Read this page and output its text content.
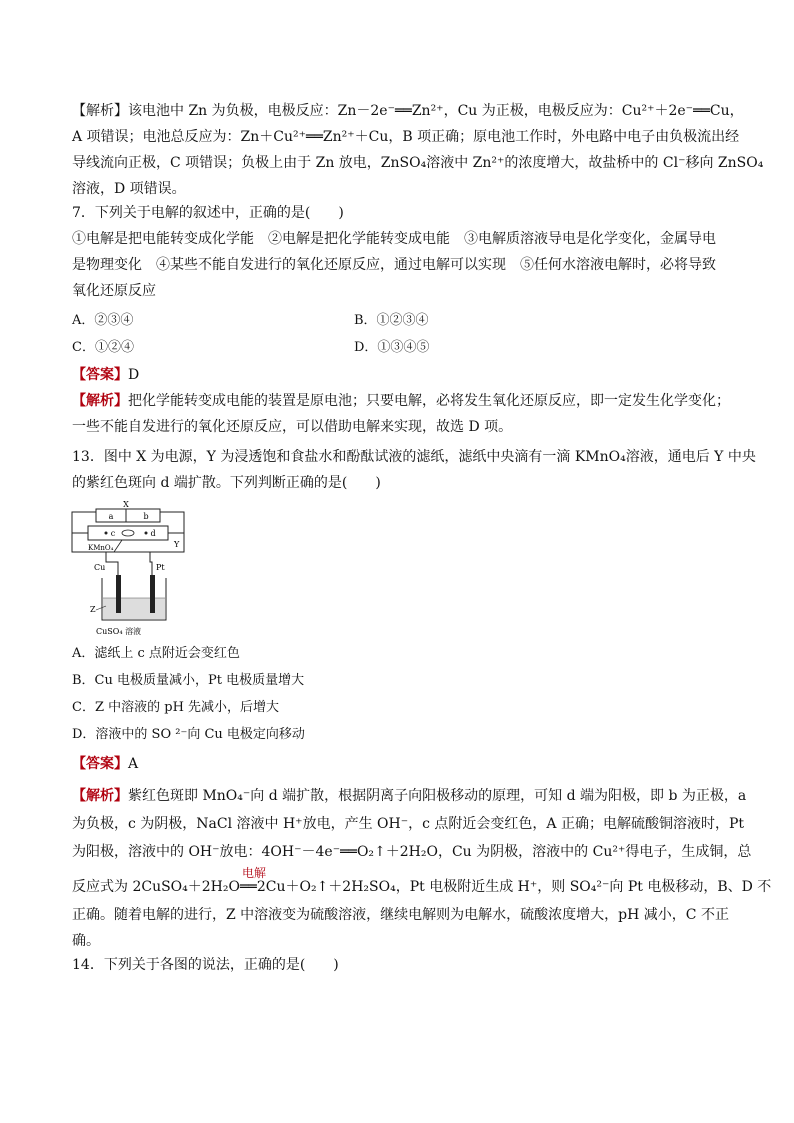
【解析】该电池中 Zn 为负极，电极反应：Zn－2e⁻══Zn²⁺，Cu 为正极，电极反应为：Cu²⁺＋2e⁻══Cu，
A 项错误；电池总反应为：Zn＋Cu²⁺══Zn²⁺＋Cu，B 项正确；原电池工作时，外电路中电子由负极流出经
导线流向正极，C 项错误；负极上由于 Zn 放电，ZnSO₄溶液中 Zn²⁺的浓度增大，故盐桥中的 Cl⁻移向 ZnSO₄
溶液，D 项错误。
7．下列关于电解的叙述中，正确的是(　　)
①电解是把电能转变成化学能　②电解是把化学能转变成电能　③电解质溶液导电是化学变化，金属导电
是物理变化　④某些不能自发进行的氧化还原反应，通过电解可以实现　⑤任何水溶液电解时，必将导致
氧化还原反应
A．②③④	B．①②③④
C．①②④	D．①③④⑤
【答案】D
【解析】把化学能转变成电能的装置是原电池；只要电解，必将发生氧化还原反应，即一定发生化学变化；
一些不能自发进行的氧化还原反应，可以借助电解来实现，故选 D 项。
13．图中 X 为电源，Y 为浸透饱和食盐水和酚酞试液的滤纸，滤纸中央滴有一滴 KMnO₄溶液，通电后 Y 中央
的紫红色斑向 d 端扩散。下列判断正确的是(　　)
X
a	b
c	d
Y
KMnO₄
Cu	Pt
Z
CuSO₄ 溶液
A．滤纸上 c 点附近会变红色
B．Cu 电极质量减小，Pt 电极质量增大
C．Z 中溶液的 pH 先减小，后增大
D．溶液中的 SO ²⁻向 Cu 电极定向移动
【答案】A
【解析】紫红色斑即 MnO₄⁻向 d 端扩散，根据阴离子向阳极移动的原理，可知 d 端为阳极，即 b 为正极，a
为负极，c 为阴极，NaCl 溶液中 H⁺放电，产生 OH⁻，c 点附近会变红色，A 正确；电解硫酸铜溶液时，Pt
为阳极，溶液中的 OH⁻放电：4OH⁻－4e⁻══O₂↑＋2H₂O，Cu 为阴极，溶液中的 Cu²⁺得电子，生成铜，总
反应式为 2CuSO₄＋2H₂O
电解
══2Cu＋O₂↑＋2H₂SO₄，Pt 电极附近生成 H⁺，则 SO₄²⁻向 Pt 电极移动，B、D 不
正确。随着电解的进行，Z 中溶液变为硫酸溶液，继续电解则为电解水，硫酸浓度增大，pH 减小，C 不正
确。
14．下列关于各图的说法，正确的是(　　)
